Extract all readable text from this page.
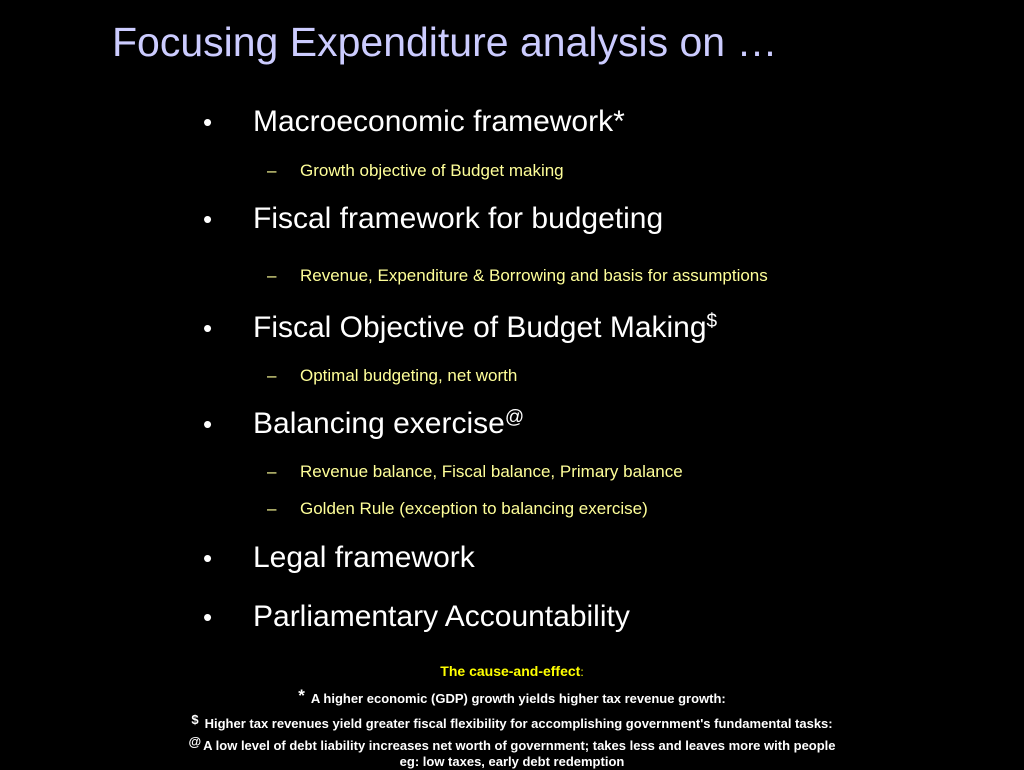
Focusing Expenditure analysis on …
• Macroeconomic framework*
– Growth objective of Budget making
• Fiscal framework for budgeting
– Revenue, Expenditure & Borrowing and basis for assumptions
• Fiscal Objective of Budget Making$
– Optimal budgeting, net worth
• Balancing exercise@
– Revenue balance, Fiscal balance, Primary balance
– Golden Rule (exception to balancing exercise)
• Legal framework
• Parliamentary Accountability
The cause-and-effect:
* A higher economic (GDP) growth yields higher tax revenue growth:
$ Higher tax revenues yield greater fiscal flexibility for accomplishing government's fundamental tasks:
@ A low level of debt liability increases net worth of government; takes less and leaves more with people
eg: low taxes, early debt redemption
